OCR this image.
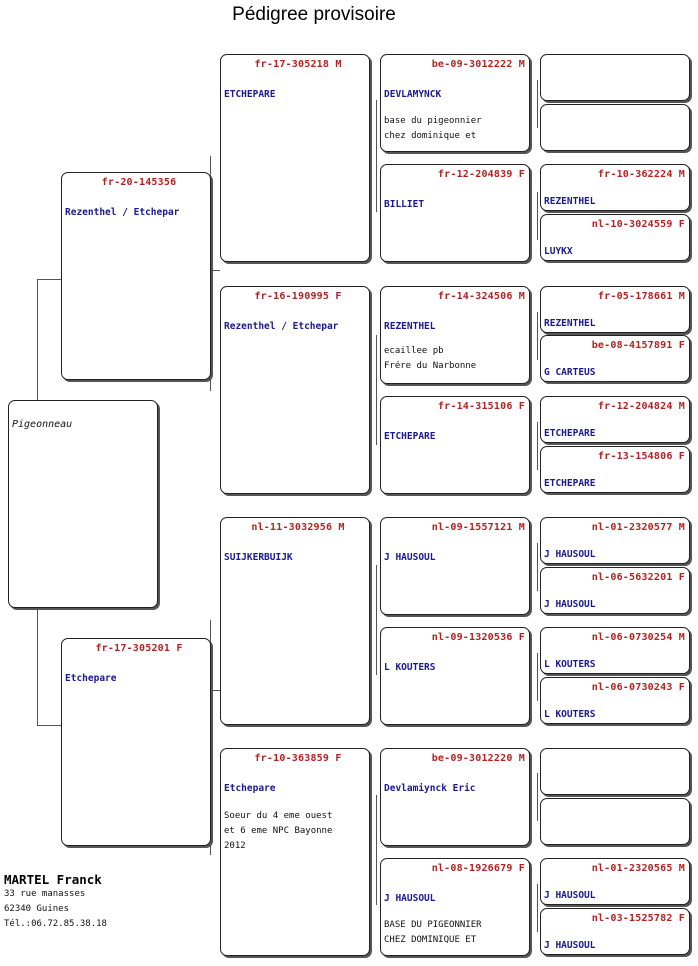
Pédigree provisoire
Pigeonneau
fr-20-145356
Rezenthel / Etchepar
fr-17-305201 F
Etchepare
fr-17-305218 M
ETCHEPARE
fr-16-190995 F
Rezenthel / Etchepar
nl-11-3032956 M
SUIJKERBUIJK
fr-10-363859 F
Etchepare
Soeur du 4 eme ouest
et 6 eme NPC Bayonne
2012
be-09-3012222 M
DEVLAMYNCK
base du pigeonnier
chez dominique et
fr-12-204839 F
BILLIET
fr-14-324506 M
REZENTHEL
ecaillee pb
Frére du Narbonne
fr-14-315106 F
ETCHEPARE
nl-09-1557121 M
J HAUSOUL
nl-09-1320536 F
L KOUTERS
be-09-3012220 M
Devlamiynck Eric
nl-08-1926679 F
J HAUSOUL
BASE DU PIGEONNIER
CHEZ DOMINIQUE ET
fr-10-362224 M
REZENTHEL
nl-10-3024559 F
LUYKX
fr-05-178661 M
REZENTHEL
be-08-4157891 F
G CARTEUS
fr-12-204824 M
ETCHEPARE
fr-13-154806 F
ETCHEPARE
nl-01-2320577 M
J HAUSOUL
nl-06-5632201 F
J HAUSOUL
nl-06-0730254 M
L KOUTERS
nl-06-0730243 F
L KOUTERS
nl-01-2320565 M
J HAUSOUL
nl-03-1525782 F
J HAUSOUL
MARTEL Franck
33 rue manasses
62340 Guines
Tél.:06.72.85.38.18
